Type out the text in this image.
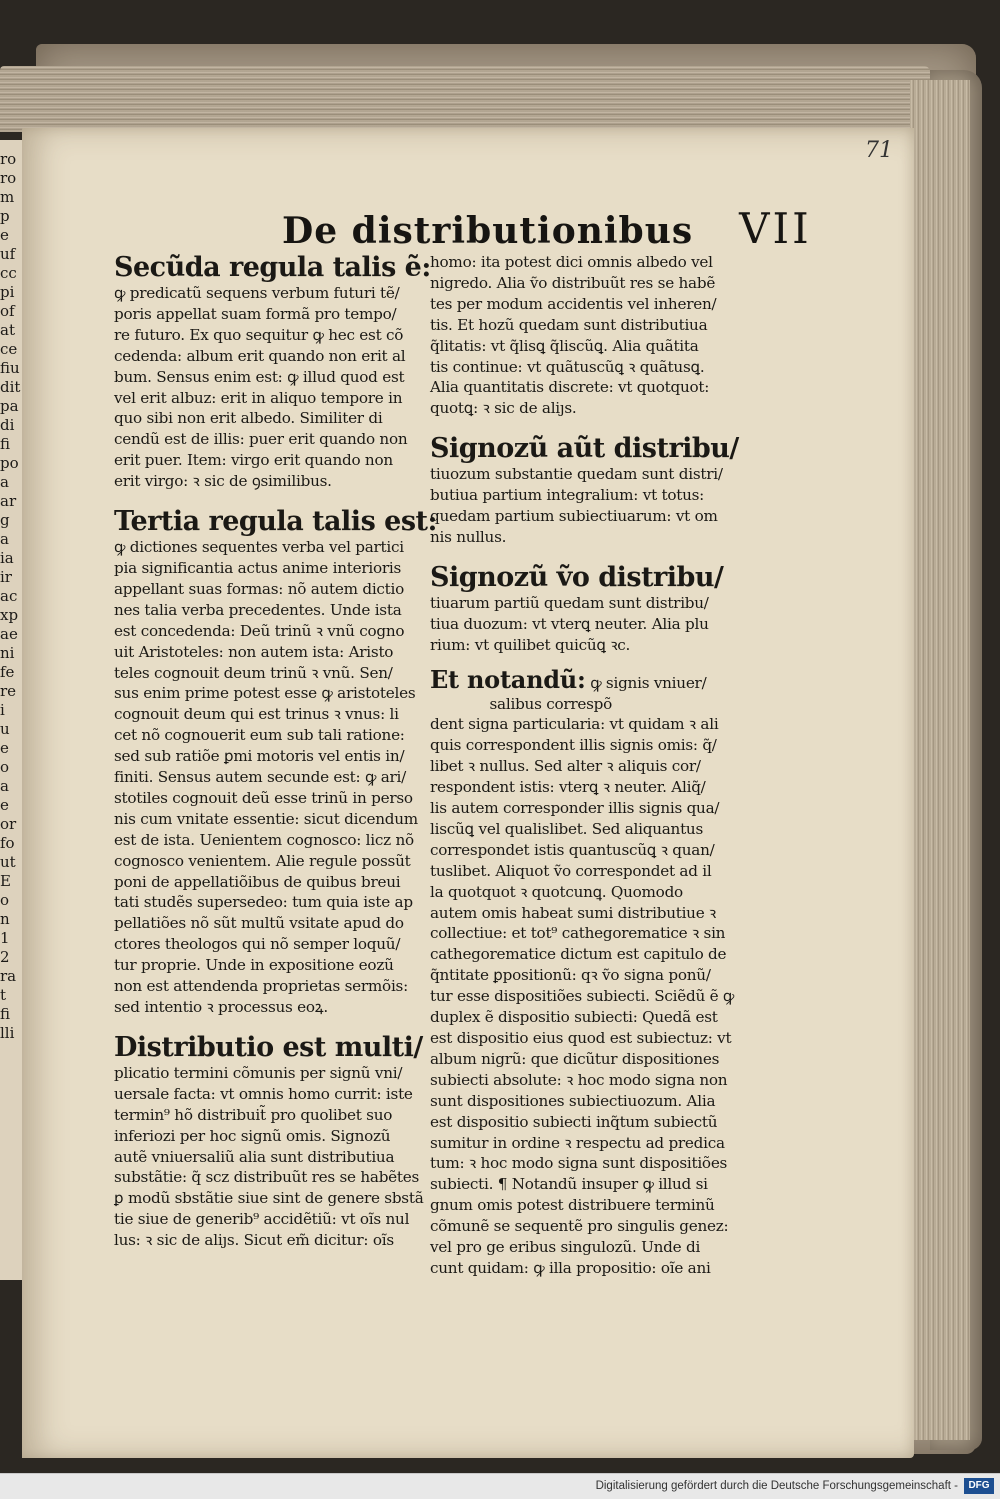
ro
ro
m
p
e
uf
cc
pi
of
at
ce
fiu
dit
pa
di
fi
po
a
ar
g
a
ia
ir
ac
xp
ae
ni
fe
re
i
u
e
o
a
e
or
fo
ut
E
o
n
1
2
ra
t
fi
lli
71
De distributionibus VII
Secũda regula talis ẽ:
ꝙ predicatũ sequens verbum futuri tẽ/
poris appellat suam formã pro tempo/
re futuro. Ex quo sequitur ꝙ hec est cõ
cedenda: album erit quando non erit al
bum. Sensus enim est: ꝙ illud quod est
vel erit albuz: erit in aliquo tempore in
quo sibi non erit albedo. Similiter di
cendũ est de illis: puer erit quando non
erit puer. Item: virgo erit quando non
erit virgo: ꝛ sic de ꝯsimilibus.
Tertia regula talis est:
ꝙ dictiones sequentes verba vel partici
pia significantia actus anime interioris
appellant suas formas: nõ autem dictio
nes talia verba precedentes. Unde ista
est concedenda: Deũ trinũ ꝛ vnũ cogno
uit Aristoteles: non autem ista: Aristo
teles cognouit deum trinũ ꝛ vnũ. Sen/
sus enim prime potest esse ꝙ aristoteles
cognouit deum qui est trinus ꝛ vnus: li
cet nõ cognouerit eum sub tali ratione:
sed sub ratiõe ꝑmi motoris vel entis in/
finiti. Sensus autem secunde est: ꝙ ari/
stotiles cognouit deũ esse trinũ in perso
nis cum vnitate essentie: sicut dicendum
est de ista. Uenientem cognosco: licz nõ
cognosco venientem. Alie regule possũt
poni de appellatiõibus de quibus breui
tati studẽs supersedeo: tum quia iste ap
pellatiões nõ sũt multũ vsitate apud do
ctores theologos qui nõ semper loquũ/
tur proprie. Unde in expositione eozũ
non est attendenda proprietas sermõis:
sed intentio ꝛ processus eoꝝ.
Distributio est multi/
plicatio termini cõmunis per signũ vni/
uersale facta: vt omnis homo currit: iste
termin⁹ hõ distribuit̃ pro quolibet suo
inferiozi per hoc signũ omis. Signozũ
autẽ vniuersaliũ alia sunt distributiua
substãtie: q̃ scz distribuũt res se habẽtes
ꝑ modũ sbstãtie siue sint de genere sbstã
tie siue de generib⁹ accidẽtiũ: vt oĩs nul
lus: ꝛ sic de aliȷs. Sicut em̃ dicitur: oĩs
homo: ita potest dici omnis albedo vel
nigredo. Alia ṽo distribuũt res se habẽ
tes per modum accidentis vel inheren/
tis. Et hozũ quedam sunt distributiua
q̃litatis: vt q̃lisꝗ q̃liscũꝗ. Alia quãtita
tis continue: vt quãtuscũꝗ ꝛ quãtusꝗ.
Alia quantitatis discrete: vt quotquot:
quotꝗ: ꝛ sic de aliȷs.
Signozũ aũt distribu/
tiuozum substantie quedam sunt distri/
butiua partium integralium: vt totus:
quedam partium subiectiuarum: vt om
nis nullus.
Signozũ ṽo distribu/
tiuarum partiũ quedam sunt distribu/
tiua duozum: vt vterꝗ neuter. Alia plu
rium: vt quilibet quicũꝗ ꝛc.
Et notandũ: ꝙ signis vniuer/
salibus correspõ
dent signa particularia: vt quidam ꝛ ali
quis correspondent illis signis omis: q̃/
libet ꝛ nullus. Sed alter ꝛ aliquis cor/
respondent istis: vterꝗ ꝛ neuter. Aliq̃/
lis autem corresponder illis signis qua/
liscũꝗ vel qualislibet. Sed aliquantus
correspondet istis quantuscũꝗ ꝛ quan/
tuslibet. Aliquot ṽo correspondet ad il
la quotquot ꝛ quotcunꝗ. Quomodo
autem omis habeat sumi distributiue ꝛ
collectiue: et tot⁹ cathegorematice ꝛ sin
cathegorematice dictum est capitulo de
q̃ntitate ꝑpositionũ: qꝛ ṽo signa ponũ/
tur esse dispositiões subiecti. Sciẽdũ ẽ ꝙ
duplex ẽ dispositio subiecti: Quedã est
est dispositio eius quod est subiectuz: vt
album nigrũ: que dicũtur dispositiones
subiecti absolute: ꝛ hoc modo signa non
sunt dispositiones subiectiuozum. Alia
est dispositio subiecti inq̃tum subiectũ
sumitur in ordine ꝛ respectu ad predica
tum: ꝛ hoc modo signa sunt dispositiões
subiecti. ¶ Notandũ insuper ꝙ illud si
gnum omis potest distribuere terminũ
cõmunẽ se sequentẽ pro singulis genez:
vel pro ge eribus singulozũ. Unde di
cunt quidam: ꝙ illa propositio: oĩe ani
Digitalisierung gefördert durch die Deutsche Forschungsgemeinschaft -	DFG
